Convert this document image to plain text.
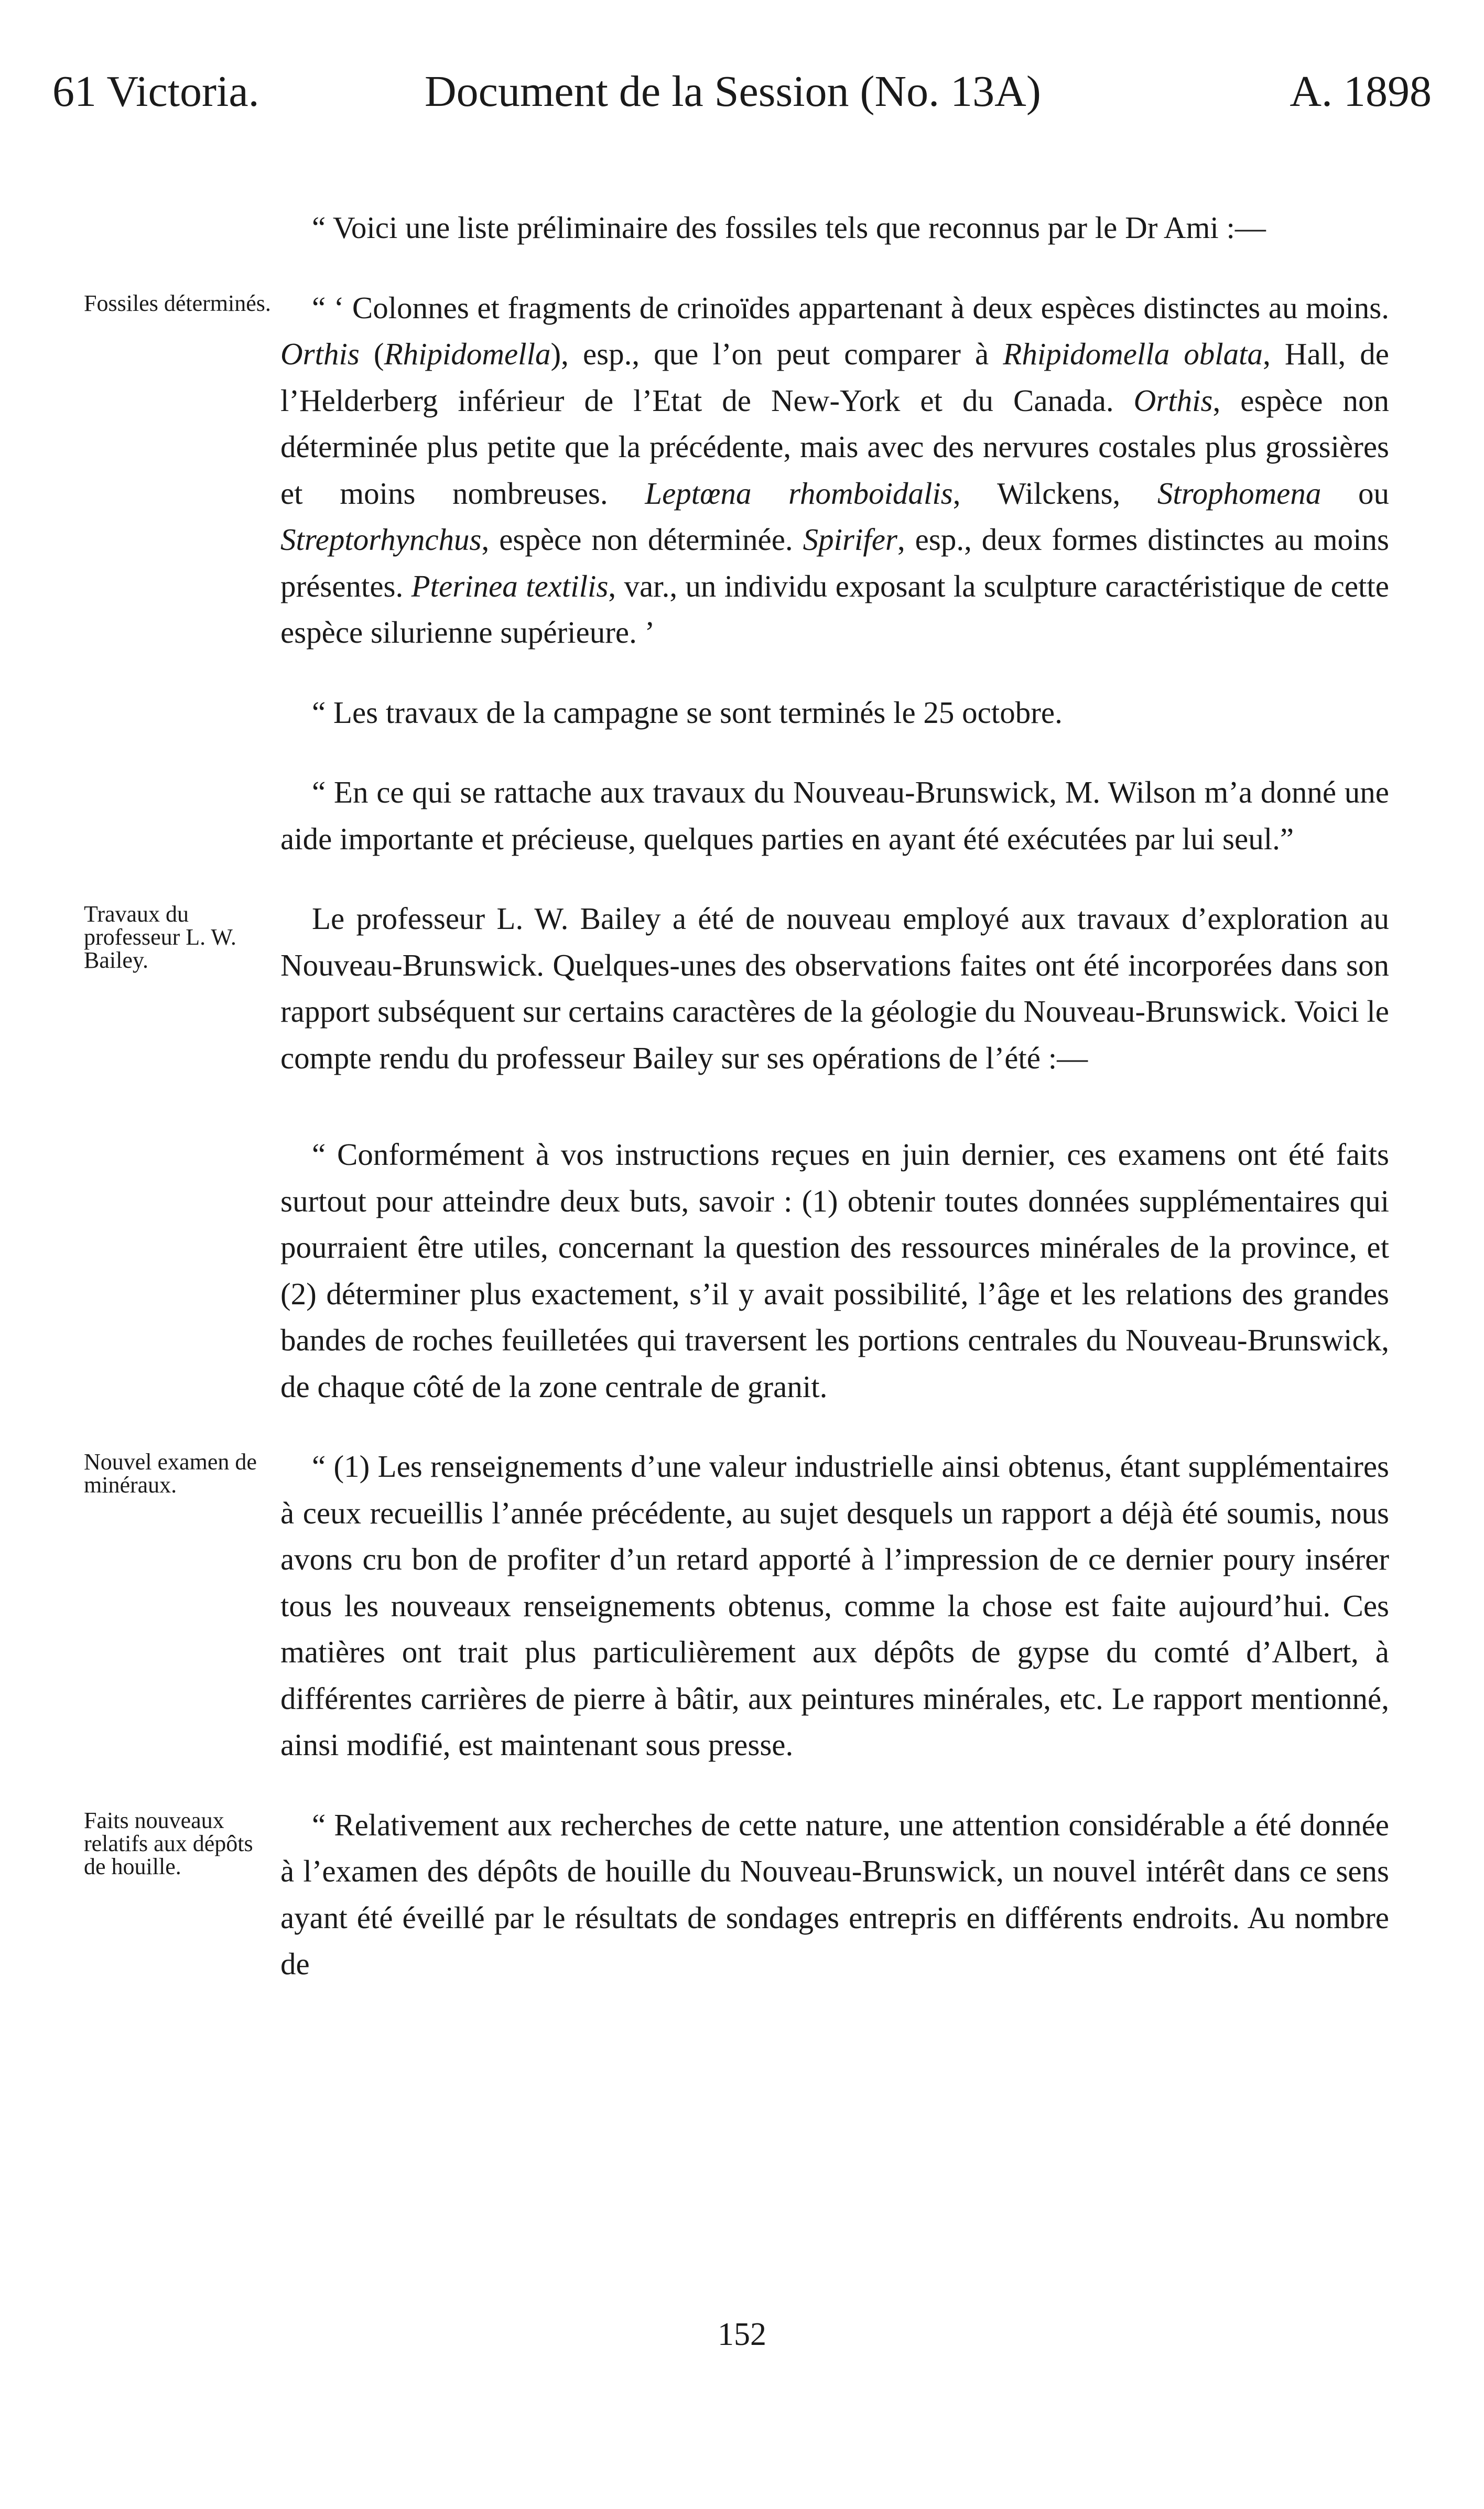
61 Victoria.	Document de la Session (No. 13A)	A. 1898

“ Voici une liste préliminaire des fossiles tels que reconnus par le Dr Ami :—

“ ‘ Colonnes et fragments de crinoïdes appartenant à deux espèces distinctes au moins. Orthis (Rhipidomella), esp., que l’on peut comparer à Rhipidomella oblata, Hall, de l’Helderberg inférieur de l’Etat de New-York et du Canada. Orthis, espèce non déterminée plus petite que la précédente, mais avec des nervures costales plus grossières et moins nombreuses. Leptœna rhomboidalis, Wilckens, Strophomena ou Streptorhynchus, espèce non déterminée. Spirifer, esp., deux formes distinctes au moins présentes. Pterinea textilis, var., un individu exposant la sculpture caractéristique de cette espèce silurienne supérieure. ’

“ Les travaux de la campagne se sont terminés le 25 octobre.

“ En ce qui se rattache aux travaux du Nouveau-Brunswick, M. Wilson m’a donné une aide importante et précieuse, quelques parties en ayant été exécutées par lui seul.”

Le professeur L. W. Bailey a été de nouveau employé aux travaux d’exploration au Nouveau-Brunswick. Quelques-unes des observations faites ont été incorporées dans son rapport subséquent sur certains caractères de la géologie du Nouveau-Brunswick. Voici le compte rendu du professeur Bailey sur ses opérations de l’été :—

“ Conformément à vos instructions reçues en juin dernier, ces examens ont été faits surtout pour atteindre deux buts, savoir : (1) obtenir toutes données supplémentaires qui pourraient être utiles, concernant la question des ressources minérales de la province, et (2) déterminer plus exactement, s’il y avait possibilité, l’âge et les relations des grandes bandes de roches feuilletées qui traversent les portions centrales du Nouveau-Brunswick, de chaque côté de la zone centrale de granit.

“ (1) Les renseignements d’une valeur industrielle ainsi obtenus, étant supplémentaires à ceux recueillis l’année précédente, au sujet desquels un rapport a déjà été soumis, nous avons cru bon de profiter d’un retard apporté à l’impression de ce dernier poury insérer tous les nouveaux renseignements obtenus, comme la chose est faite aujourd’hui. Ces matières ont trait plus particulièrement aux dépôts de gypse du comté d’Albert, à différentes carrières de pierre à bâtir, aux peintures minérales, etc. Le rapport mentionné, ainsi modifié, est maintenant sous presse.

“ Relativement aux recherches de cette nature, une attention considérable a été donnée à l’examen des dépôts de houille du Nouveau-Brunswick, un nouvel intérêt dans ce sens ayant été éveillé par le résultats de sondages entrepris en différents endroits. Au nombre de

Fossiles déterminés.
Travaux du professeur L. W. Bailey.
Nouvel examen de minéraux.
Faits nouveaux relatifs aux dépôts de houille.
152
